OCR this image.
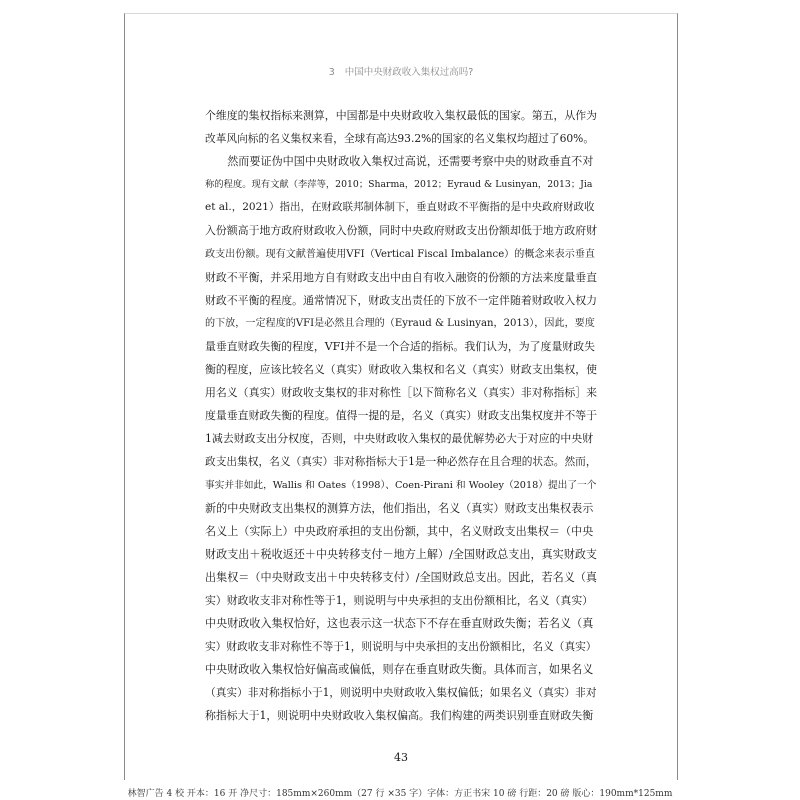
3 中国中央财政收入集权过高吗?
个维度的集权指标来测算，中国都是中央财政收入集权最低的国家。第五，从作为
改革风向标的名义集权来看，全球有高达93.2%的国家的名义集权均超过了60%。
　　然而要证伪中国中央财政收入集权过高说，还需要考察中央的财政垂直不对
称的程度。现有文献（李萍等，2010；Sharma，2012；Eyraud & Lusinyan，2013；Jia
et al.，2021）指出，在财政联邦制体制下，垂直财政不平衡指的是中央政府财政收
入份额高于地方政府财政收入份额，同时中央政府财政支出份额却低于地方政府财
政支出份额。现有文献普遍使用VFI（Vertical Fiscal Imbalance）的概念来表示垂直
财政不平衡，并采用地方自有财政支出中由自有收入融资的份额的方法来度量垂直
财政不平衡的程度。通常情况下，财政支出责任的下放不一定伴随着财政收入权力
的下放，一定程度的VFI是必然且合理的（Eyraud & Lusinyan，2013），因此，要度
量垂直财政失衡的程度，VFI并不是一个合适的指标。我们认为，为了度量财政失
衡的程度，应该比较名义（真实）财政收入集权和名义（真实）财政支出集权，使
用名义（真实）财政收支集权的非对称性［以下简称名义（真实）非对称指标］来
度量垂直财政失衡的程度。值得一提的是，名义（真实）财政支出集权度并不等于
1减去财政支出分权度，否则，中央财政收入集权的最优解势必大于对应的中央财
政支出集权，名义（真实）非对称指标大于1是一种必然存在且合理的状态。然而，
事实并非如此，Wallis 和 Oates（1998）、Coen-Pirani 和 Wooley（2018）提出了一个
新的中央财政支出集权的测算方法，他们指出，名义（真实）财政支出集权表示
名义上（实际上）中央政府承担的支出份额，其中，名义财政支出集权＝（中央
财政支出＋税收返还＋中央转移支付－地方上解）/全国财政总支出，真实财政支
出集权＝（中央财政支出＋中央转移支付）/全国财政总支出。因此，若名义（真
实）财政收支非对称性等于1，则说明与中央承担的支出份额相比，名义（真实）
中央财政收入集权恰好，这也表示这一状态下不存在垂直财政失衡；若名义（真
实）财政收支非对称性不等于1，则说明与中央承担的支出份额相比，名义（真实）
中央财政收入集权恰好偏高或偏低，则存在垂直财政失衡。具体而言，如果名义
（真实）非对称指标小于1，则说明中央财政收入集权偏低；如果名义（真实）非对
称指标大于1，则说明中央财政收入集权偏高。我们构建的两类识别垂直财政失衡
43
林智广告 4 校 开本：16 开 净尺寸：185mm×260mm（27 行 ×35 字）字体：方正书宋 10 磅 行距：20 磅 版心：190mm*125mm
